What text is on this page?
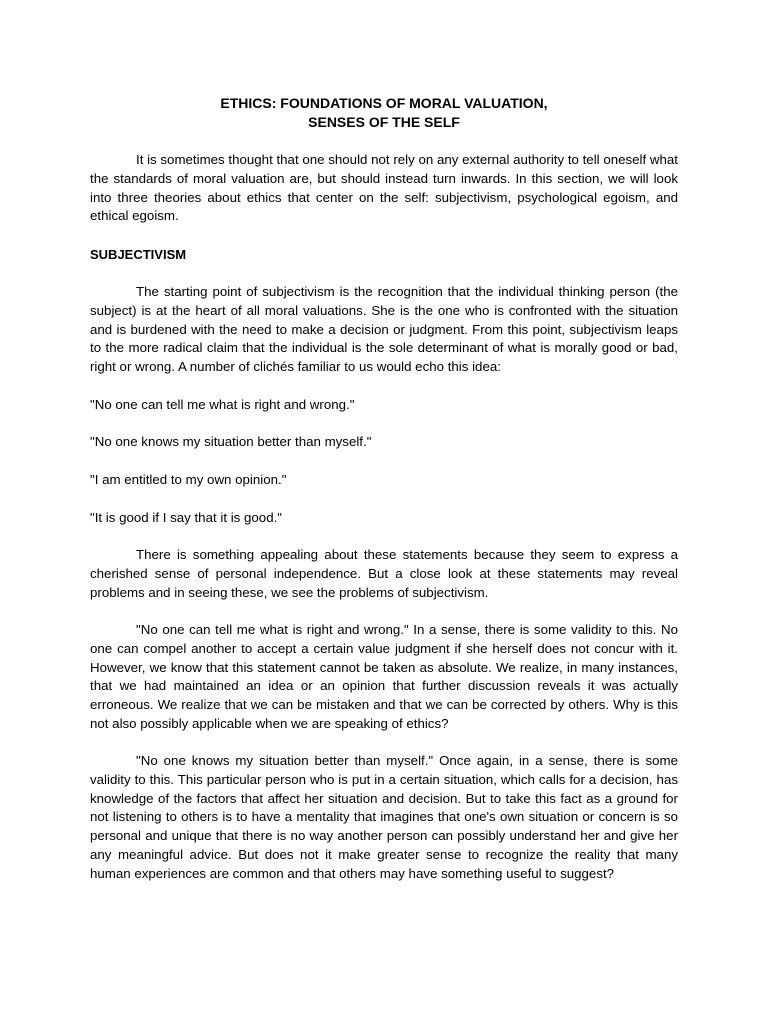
ETHICS: FOUNDATIONS OF MORAL VALUATION,
SENSES OF THE SELF

It is sometimes thought that one should not rely on any external authority to tell oneself what the standards of moral valuation are, but should instead turn inwards. In this section, we will look into three theories about ethics that center on the self: subjectivism, psychological egoism, and ethical egoism.

SUBJECTIVISM

The starting point of subjectivism is the recognition that the individual thinking person (the subject) is at the heart of all moral valuations. She is the one who is confronted with the situation and is burdened with the need to make a decision or judgment. From this point, subjectivism leaps to the more radical claim that the individual is the sole determinant of what is morally good or bad, right or wrong. A number of clichés familiar to us would echo this idea:

"No one can tell me what is right and wrong."

"No one knows my situation better than myself."

"I am entitled to my own opinion."

"It is good if I say that it is good."

There is something appealing about these statements because they seem to express a cherished sense of personal independence. But a close look at these statements may reveal problems and in seeing these, we see the problems of subjectivism.

"No one can tell me what is right and wrong." In a sense, there is some validity to this. No one can compel another to accept a certain value judgment if she herself does not concur with it. However, we know that this statement cannot be taken as absolute. We realize, in many instances, that we had maintained an idea or an opinion that further discussion reveals it was actually erroneous. We realize that we can be mistaken and that we can be corrected by others. Why is this not also possibly applicable when we are speaking of ethics?

"No one knows my situation better than myself." Once again, in a sense, there is some validity to this. This particular person who is put in a certain situation, which calls for a decision, has knowledge of the factors that affect her situation and decision. But to take this fact as a ground for not listening to others is to have a mentality that imagines that one's own situation or concern is so personal and unique that there is no way another person can possibly understand her and give her any meaningful advice. But does not it make greater sense to recognize the reality that many human experiences are common and that others may have something useful to suggest?
